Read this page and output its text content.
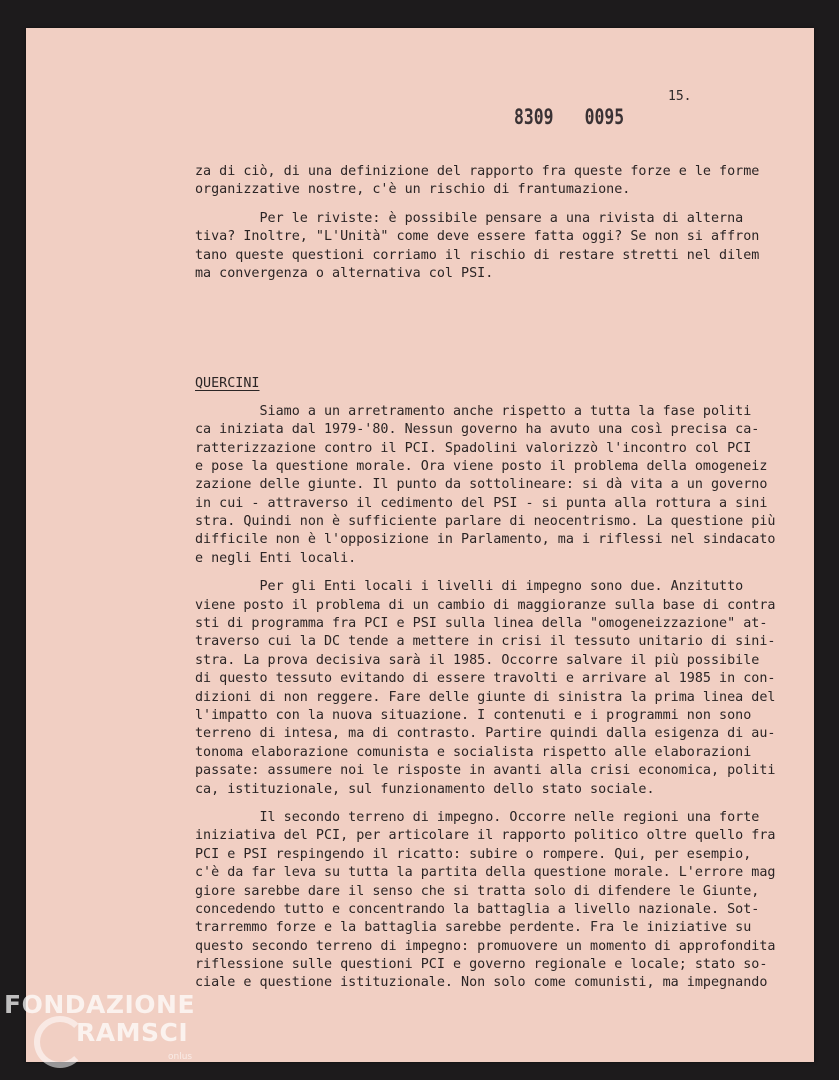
15.
8309 0095
za di ciò, di una definizione del rapporto fra queste forze e le forme
organizzative nostre, c'è un rischio di frantumazione.
Per le riviste: è possibile pensare a una rivista di alterna
tiva? Inoltre, "L'Unità" come deve essere fatta oggi? Se non si affron
tano queste questioni corriamo il rischio di restare stretti nel dilem
ma convergenza o alternativa col PSI.
QUERCINI
Siamo a un arretramento anche rispetto a tutta la fase politi
ca iniziata dal 1979-'80. Nessun governo ha avuto una così precisa ca-
ratterizzazione contro il PCI. Spadolini valorizzò l'incontro col PCI
e pose la questione morale. Ora viene posto il problema della omogeneiz
zazione delle giunte. Il punto da sottolineare: si dà vita a un governo
in cui - attraverso il cedimento del PSI - si punta alla rottura a sini
stra. Quindi non è sufficiente parlare di neocentrismo. La questione più
difficile non è l'opposizione in Parlamento, ma i riflessi nel sindacato
e negli Enti locali.
Per gli Enti locali i livelli di impegno sono due. Anzitutto
viene posto il problema di un cambio di maggioranze sulla base di contra
sti di programma fra PCI e PSI sulla linea della "omogeneizzazione" at-
traverso cui la DC tende a mettere in crisi il tessuto unitario di sini-
stra. La prova decisiva sarà il 1985. Occorre salvare il più possibile
di questo tessuto evitando di essere travolti e arrivare al 1985 in con-
dizioni di non reggere. Fare delle giunte di sinistra la prima linea del
l'impatto con la nuova situazione. I contenuti e i programmi non sono
terreno di intesa, ma di contrasto. Partire quindi dalla esigenza di au-
tonoma elaborazione comunista e socialista rispetto alle elaborazioni
passate: assumere noi le risposte in avanti alla crisi economica, politi
ca, istituzionale, sul funzionamento dello stato sociale.
Il secondo terreno di impegno. Occorre nelle regioni una forte
iniziativa del PCI, per articolare il rapporto politico oltre quello fra
PCI e PSI respingendo il ricatto: subire o rompere. Qui, per esempio,
c'è da far leva su tutta la partita della questione morale. L'errore mag
giore sarebbe dare il senso che si tratta solo di difendere le Giunte,
concedendo tutto e concentrando la battaglia a livello nazionale. Sot-
trarremmo forze e la battaglia sarebbe perdente. Fra le iniziative su
questo secondo terreno di impegno: promuovere un momento di approfondita
riflessione sulle questioni PCI e governo regionale e locale; stato so-
ciale e questione istituzionale. Non solo come comunisti, ma impegnando
FONDAZIONE
RAMSCI
onlus
